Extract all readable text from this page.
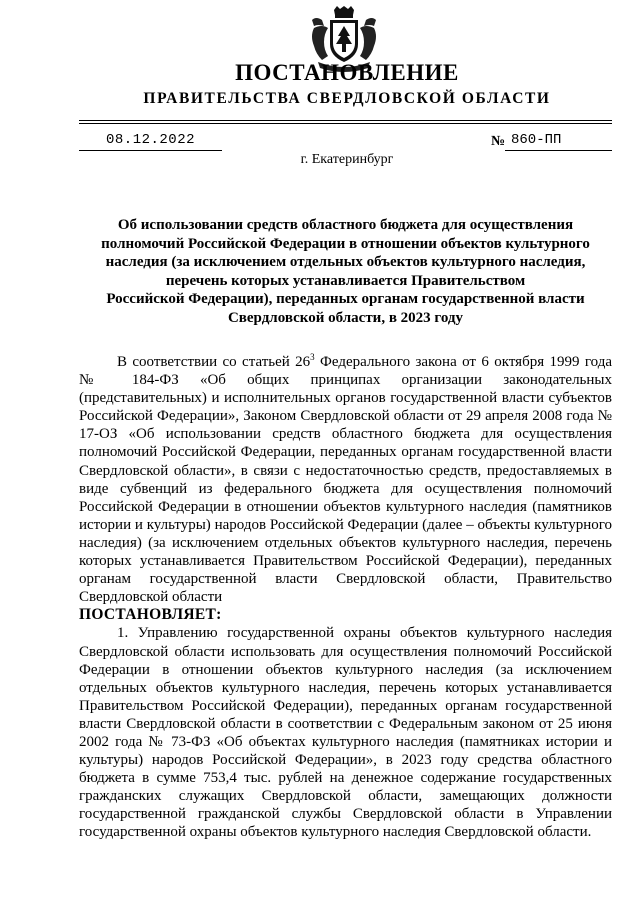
ПОСТАНОВЛЕНИЕ
ПРАВИТЕЛЬСТВА СВЕРДЛОВСКОЙ ОБЛАСТИ
08.12.2022	№ 860-ПП
г. Екатеринбург
Об использовании средств областного бюджета для осуществления
полномочий Российской Федерации в отношении объектов культурного
наследия (за исключением отдельных объектов культурного наследия,
перечень которых устанавливается Правительством
Российской Федерации), переданных органам государственной власти
Свердловской области, в 2023 году

В соответствии со статьей $26^3$ Федерального закона от 6 октября 1999 года № 184-ФЗ «Об общих принципах организации законодательных (представительных) и исполнительных органов государственной власти субъектов Российской Федерации», Законом Свердловской области от 29 апреля 2008 года № 17-ОЗ «Об использовании средств областного бюджета для осуществления полномочий Российской Федерации, переданных органам государственной власти Свердловской области», в связи с недостаточностью средств, предоставляемых в виде субвенций из федерального бюджета для осуществления полномочий Российской Федерации в отношении объектов культурного наследия (памятников истории и культуры) народов Российской Федерации (далее – объекты культурного наследия) (за исключением отдельных объектов культурного наследия, перечень которых устанавливается Правительством Российской Федерации), переданных органам государственной власти Свердловской области, Правительство Свердловской области

ПОСТАНОВЛЯЕТ:

1. Управлению государственной охраны объектов культурного наследия Свердловской области использовать для осуществления полномочий Российской Федерации в отношении объектов культурного наследия (за исключением отдельных объектов культурного наследия, перечень которых устанавливается Правительством Российской Федерации), переданных органам государственной власти Свердловской области в соответствии с Федеральным законом от 25 июня 2002 года № 73-ФЗ «Об объектах культурного наследия (памятниках истории и культуры) народов Российской Федерации», в 2023 году средства областного бюджета в сумме 753,4 тыс. рублей на денежное содержание государственных гражданских служащих Свердловской области, замещающих должности государственной гражданской службы Свердловской области в Управлении государственной охраны объектов культурного наследия Свердловской области.
